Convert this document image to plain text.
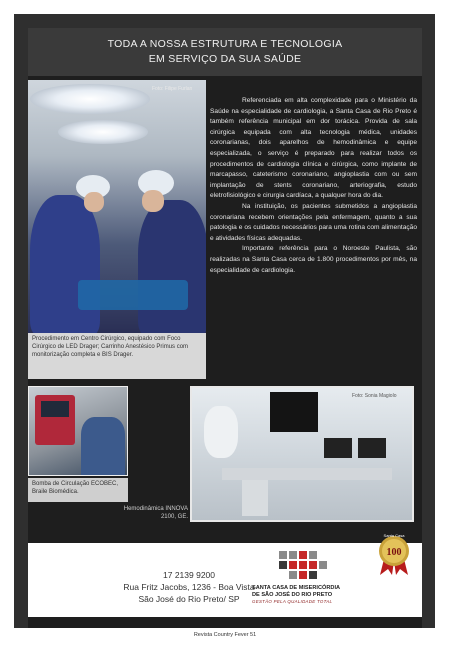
TODA A NOSSA ESTRUTURA E TECNOLOGIA
EM SERVIÇO DA SUA SAÚDE
Foto: Filipe Furlan

Referenciada em alta complexidade para o Ministério da Saúde na especialidade de cardiologia, a Santa Casa de Rio Preto é também referência municipal em dor torácica. Provida de sala cirúrgica equipada com alta tecnologia médica, unidades coronarianas, dois aparelhos de hemodinâmica e equipe especializada, o serviço é preparado para realizar todos os procedimentos de cardiologia clínica e cirúrgica, como implante de marcapasso, cateterismo coronariano, angioplastia com ou sem implantação de stents coronariano, arteriografia, estudo eletrofisiológico e cirurgia cardíaca, a qualquer hora do dia.

Na instituição, os pacientes submetidos a angioplastia coronariana recebem orientações pela enfermagem, quanto a sua patologia e os cuidados necessários para uma rotina com alimentação e atividades físicas adequadas.

Importante referência para o Noroeste Paulista, são realizadas na Santa Casa cerca de 1.800 procedimentos por mês, na especialidade de cardiologia.

Procedimento em Centro Cirúrgico, equipado com Foco Cirúrgico de LED Drager; Carrinho Anestésico Primus com monitorização completa e BIS Drager.
Bomba de Circulação ECOBEC, Braile Biomédica.
Foto: Sonia Magiolo
Hemodinâmica INNOVA 2100, GE.
17 2139 9200
Rua Fritz Jacobs, 1236 - Boa Vista
São José do Rio Preto/ SP
SANTA CASA DE MISERICÓRDIA
DE SÃO JOSÉ DO RIO PRETO
GESTÃO PELA QUALIDADE TOTAL
Santa Casa
100
Revista Country Fever 51
